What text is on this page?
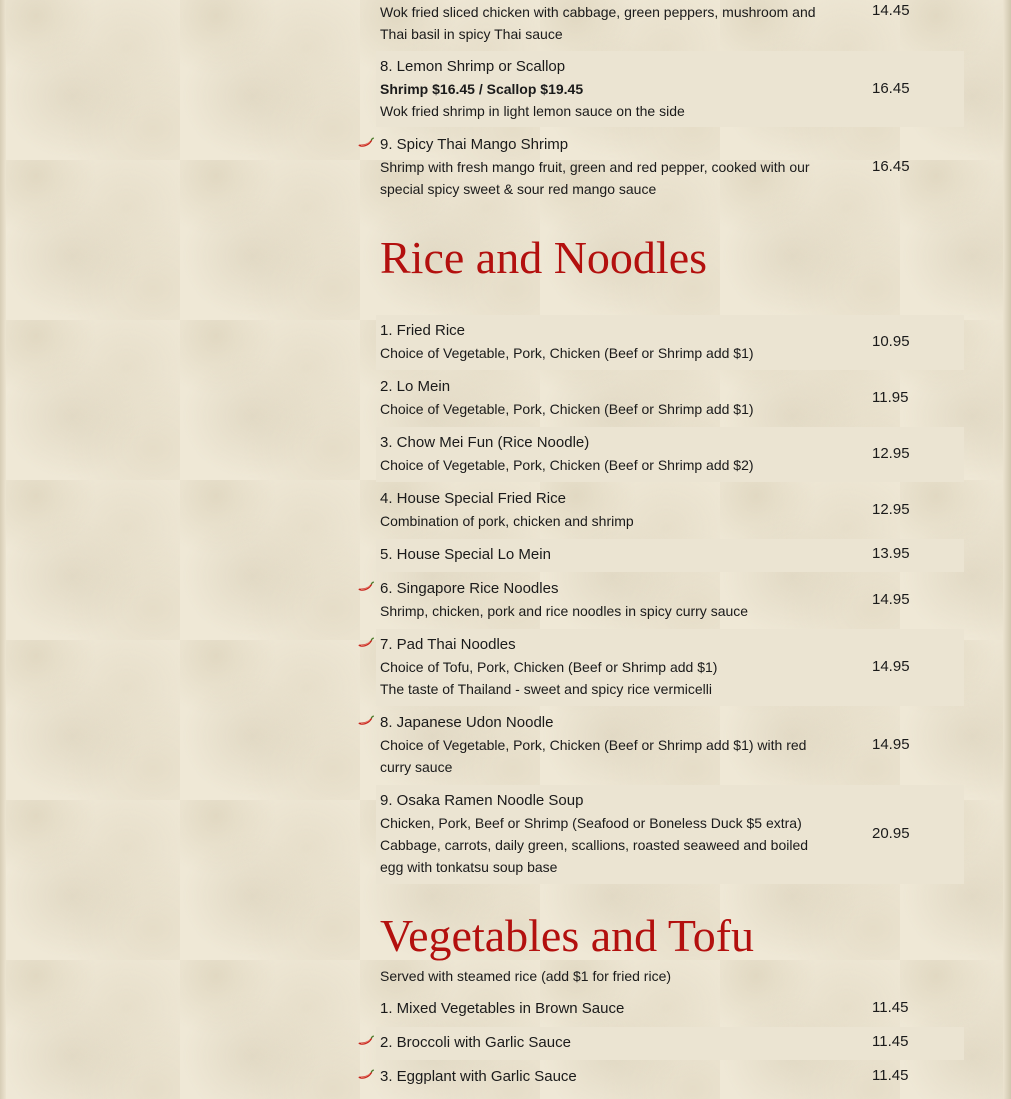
Wok fried sliced chicken with cabbage, green peppers, mushroom and
Thai basil in spicy Thai sauce
14.45
8. Lemon Shrimp or Scallop
Shrimp $16.45 / Scallop $19.45
Wok fried shrimp in light lemon sauce on the side
16.45
9. Spicy Thai Mango Shrimp
Shrimp with fresh mango fruit, green and red pepper, cooked with our
special spicy sweet & sour red mango sauce
16.45
Rice and Noodles
1. Fried Rice
Choice of Vegetable, Pork, Chicken (Beef or Shrimp add $1)
10.95
2. Lo Mein
Choice of Vegetable, Pork, Chicken (Beef or Shrimp add $1)
11.95
3. Chow Mei Fun (Rice Noodle)
Choice of Vegetable, Pork, Chicken (Beef or Shrimp add $2)
12.95
4. House Special Fried Rice
Combination of pork, chicken and shrimp
12.95
5. House Special Lo Mein	13.95
6. Singapore Rice Noodles
Shrimp, chicken, pork and rice noodles in spicy curry sauce
14.95
7. Pad Thai Noodles
Choice of Tofu, Pork, Chicken (Beef or Shrimp add $1)
The taste of Thailand - sweet and spicy rice vermicelli
14.95
8. Japanese Udon Noodle
Choice of Vegetable, Pork, Chicken (Beef or Shrimp add $1) with red
curry sauce
14.95
9. Osaka Ramen Noodle Soup
Chicken, Pork, Beef or Shrimp (Seafood or Boneless Duck $5 extra)
Cabbage, carrots, daily green, scallions, roasted seaweed and boiled
egg with tonkatsu soup base
20.95
Vegetables and Tofu
Served with steamed rice (add $1 for fried rice)
1. Mixed Vegetables in Brown Sauce	11.45
2. Broccoli with Garlic Sauce	11.45
3. Eggplant with Garlic Sauce	11.45
